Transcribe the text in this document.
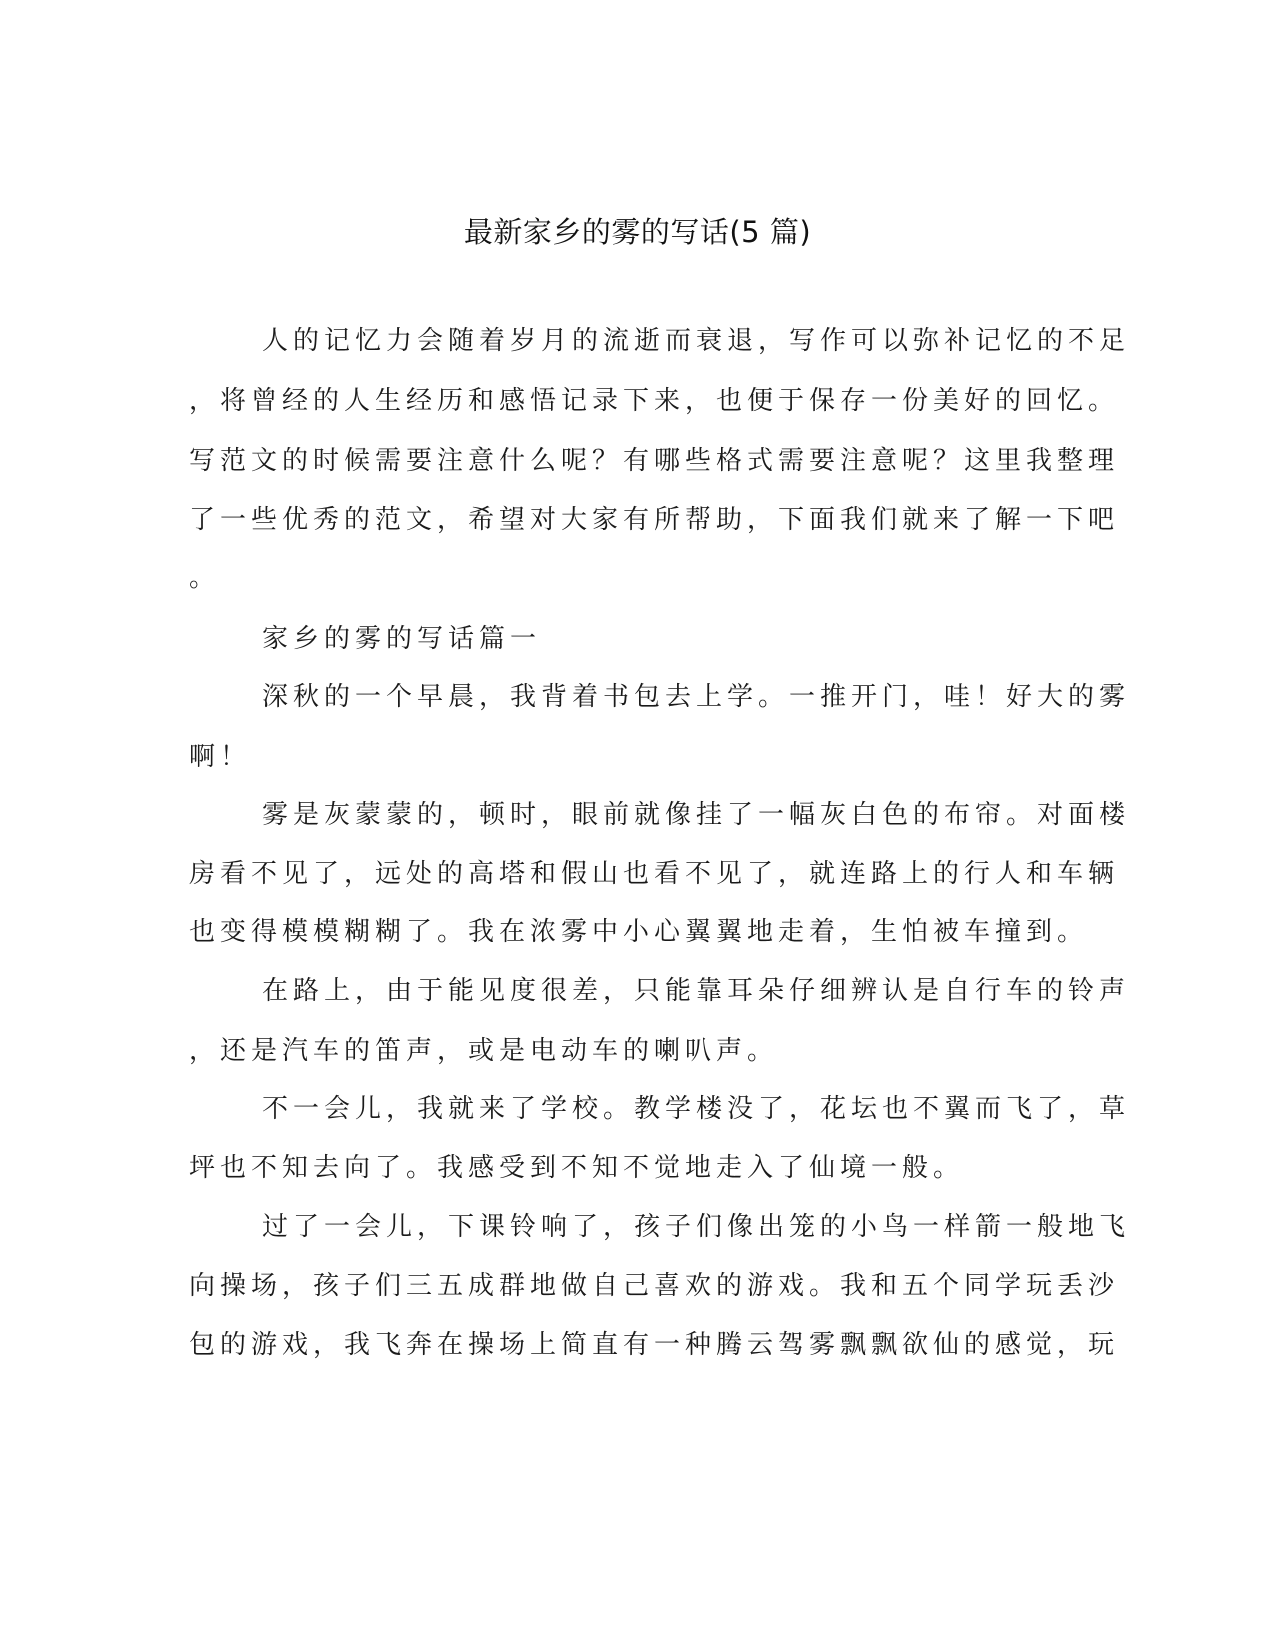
最新家乡的雾的写话(5 篇)
人的记忆力会随着岁月的流逝而衰退，写作可以弥补记忆的不足
，将曾经的人生经历和感悟记录下来，也便于保存一份美好的回忆。
写范文的时候需要注意什么呢？有哪些格式需要注意呢？这里我整理
了一些优秀的范文，希望对大家有所帮助，下面我们就来了解一下吧
。
家乡的雾的写话篇一
深秋的一个早晨，我背着书包去上学。一推开门，哇！好大的雾
啊！
雾是灰蒙蒙的，顿时，眼前就像挂了一幅灰白色的布帘。对面楼
房看不见了，远处的高塔和假山也看不见了，就连路上的行人和车辆
也变得模模糊糊了。我在浓雾中小心翼翼地走着，生怕被车撞到。
在路上，由于能见度很差，只能靠耳朵仔细辨认是自行车的铃声
，还是汽车的笛声，或是电动车的喇叭声。
不一会儿，我就来了学校。教学楼没了，花坛也不翼而飞了，草
坪也不知去向了。我感受到不知不觉地走入了仙境一般。
过了一会儿，下课铃响了，孩子们像出笼的小鸟一样箭一般地飞
向操场，孩子们三五成群地做自己喜欢的游戏。我和五个同学玩丢沙
包的游戏，我飞奔在操场上简直有一种腾云驾雾飘飘欲仙的感觉，玩
